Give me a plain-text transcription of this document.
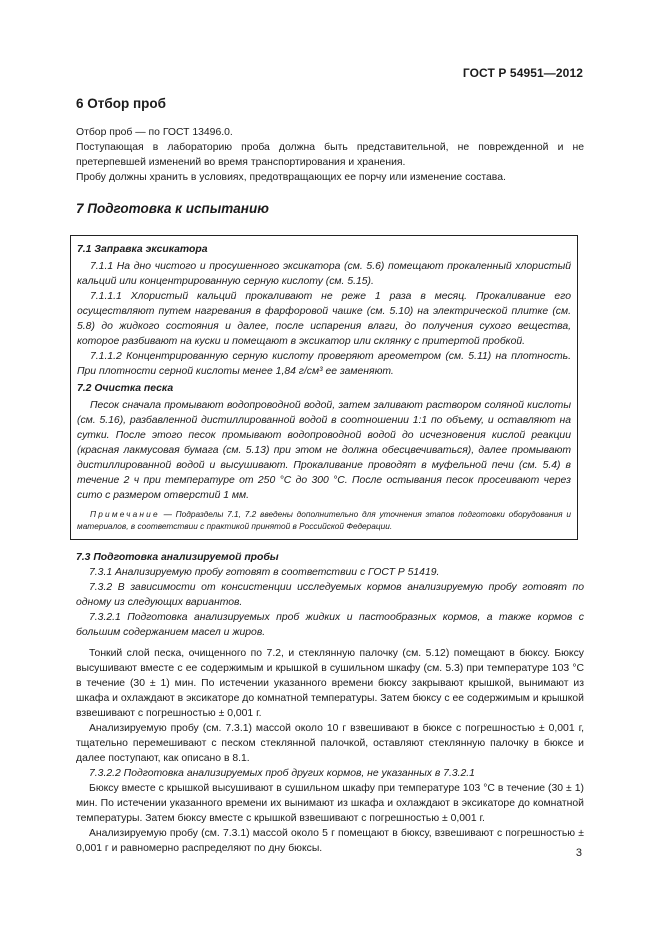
ГОСТ Р 54951—2012
6 Отбор проб

Отбор проб — по ГОСТ 13496.0.

Поступающая в лабораторию проба должна быть представительной, не поврежденной и не претерпевшей изменений во время транспортирования и хранения.

Пробу должны хранить в условиях, предотвращающих ее порчу или изменение состава.

7 Подготовка к испытанию

7.1 Заправка эксикатора

7.1.1 На дно чистого и просушенного эксикатора (см. 5.6) помещают прокаленный хлористый кальций или концентрированную серную кислоту (см. 5.15).

7.1.1.1 Хлористый кальций прокаливают не реже 1 раза в месяц. Прокаливание его осуществляют путем нагревания в фарфоровой чашке (см. 5.10) на электрической плитке (см. 5.8) до жидкого состояния и далее, после испарения влаги, до получения сухого вещества, которое разбивают на куски и помещают в эксикатор или склянку с притертой пробкой.

7.1.1.2 Концентрированную серную кислоту проверяют ареометром (см. 5.11) на плотность. При плотности серной кислоты менее 1,84 г/см³ ее заменяют.

7.2 Очистка песка

Песок сначала промывают водопроводной водой, затем заливают раствором соляной кислоты (см. 5.16), разбавленной дистиллированной водой в соотношении 1:1 по объему, и оставляют на сутки. После этого песок промывают водопроводной водой до исчезновения кислой реакции (красная лакмусовая бумага (см. 5.13) при этом не должна обесцвечиваться), далее промывают дистиллированной водой и высушивают. Прокаливание проводят в муфельной печи (см. 5.4) в течение 2 ч при температуре от 250 °С до 300 °С. После остывания песок просеивают через сито с размером отверстий 1 мм.

Примечание — Подразделы 7.1, 7.2 введены дополнительно для уточнения этапов подготовки оборудования и материалов, в соответствии с практикой принятой в Российской Федерации.

7.3 Подготовка анализируемой пробы

7.3.1 Анализируемую пробу готовят в соответствии с ГОСТ Р 51419.

7.3.2 В зависимости от консистенции исследуемых кормов анализируемую пробу готовят по одному из следующих вариантов.

7.3.2.1 Подготовка анализируемых проб жидких и пастообразных кормов, а также кормов с большим содержанием масел и жиров.

Тонкий слой песка, очищенного по 7.2, и стеклянную палочку (см. 5.12) помещают в бюксу. Бюксу высушивают вместе с ее содержимым и крышкой в сушильном шкафу (см. 5.3) при температуре 103 °С в течение (30 ± 1) мин. По истечении указанного времени бюксу закрывают крышкой, вынимают из шкафа и охлаждают в эксикаторе до комнатной температуры. Затем бюксу с ее содержимым и крышкой взвешивают с погрешностью ± 0,001 г.

Анализируемую пробу (см. 7.3.1) массой около 10 г взвешивают в бюксе с погрешностью ± 0,001 г, тщательно перемешивают с песком стеклянной палочкой, оставляют стеклянную палочку в бюксе и далее поступают, как описано в 8.1.

7.3.2.2 Подготовка анализируемых проб других кормов, не указанных в 7.3.2.1

Бюксу вместе с крышкой высушивают в сушильном шкафу при температуре 103 °С в течение (30 ± 1) мин. По истечении указанного времени их вынимают из шкафа и охлаждают в эксикаторе до комнатной температуры. Затем бюксу вместе с крышкой взвешивают с погрешностью ± 0,001 г.

Анализируемую пробу (см. 7.3.1) массой около 5 г помещают в бюксу, взвешивают с погрешностью ± 0,001 г и равномерно распределяют по дну бюксы.	3
